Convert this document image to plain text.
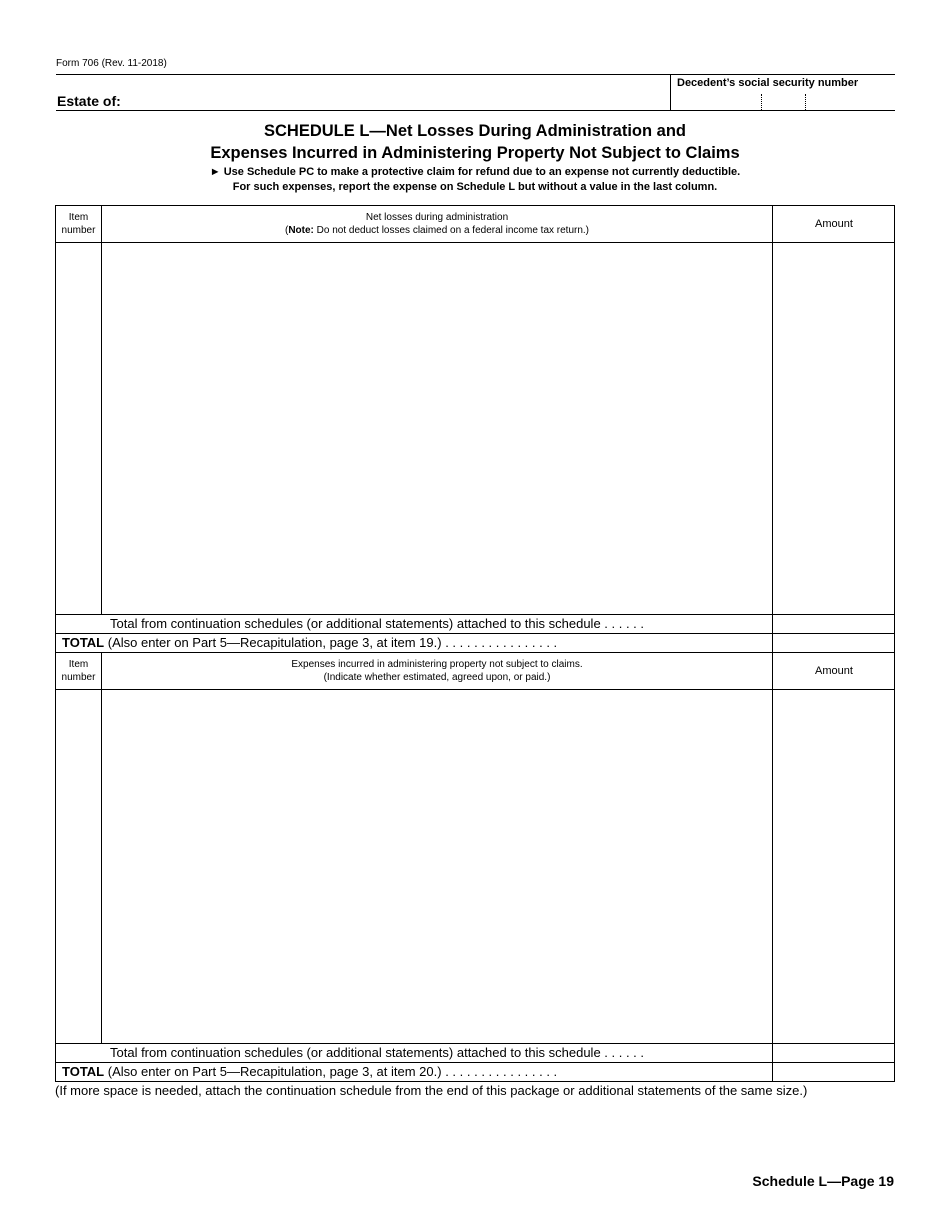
Form 706 (Rev. 11-2018)
Estate of:
Decedent’s social security number
SCHEDULE L—Net Losses During Administration and
Expenses Incurred in Administering Property Not Subject to Claims
► Use Schedule PC to make a protective claim for refund due to an expense not currently deductible.
For such expenses, report the expense on Schedule L but without a value in the last column.
Item number
Net losses during administration
(Note: Do not deduct losses claimed on a federal income tax return.)
Amount
Total from continuation schedules (or additional statements) attached to this schedule . . . . . .
TOTAL (Also enter on Part 5—Recapitulation, page 3, at item 19.) . . . . . . . . . . . . . . . .
Item number
Expenses incurred in administering property not subject to claims.
(Indicate whether estimated, agreed upon, or paid.)
Amount
Total from continuation schedules (or additional statements) attached to this schedule . . . . . .
TOTAL (Also enter on Part 5—Recapitulation, page 3, at item 20.) . . . . . . . . . . . . . . . .
(If more space is needed, attach the continuation schedule from the end of this package or additional statements of the same size.)
Schedule L—Page 19
